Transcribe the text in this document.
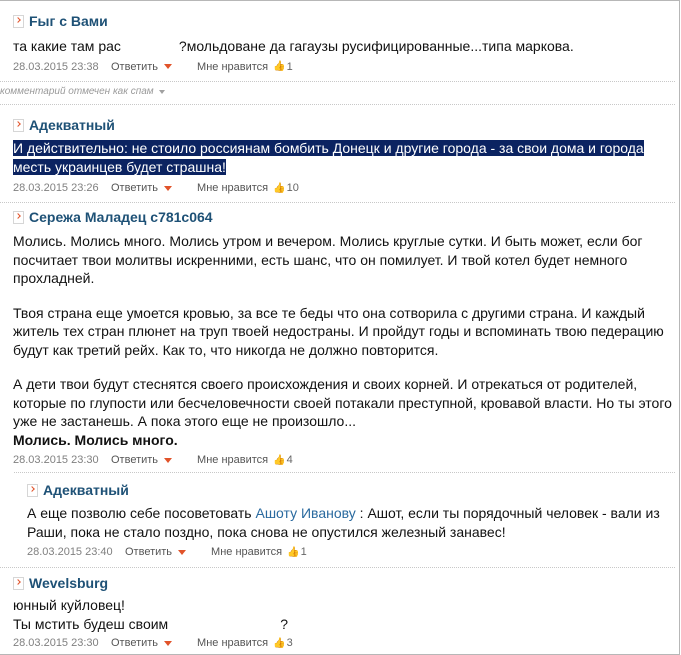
Fыг с Вами
та какие там рас	?мольдоване да гагаузы русифицированные...типа маркова.
28.03.2015 23:38	Ответить	Мне нравится 👍 1
комментарий отмечен как спам
Адекватный
И действительно: не стоило россиянам бомбить Донецк и другие города - за свои дома и города
месть украинцев будет страшна!
28.03.2015 23:26	Ответить	Мне нравится 👍 10
Сережа Маладец c781c064

Молись. Молись много. Молись утром и вечером. Молись круглые сутки. И быть может, если бог посчитает твои молитвы искренними, есть шанс, что он помилует. И твой котел будет немного прохладней.

Твоя страна еще умоется кровью, за все те беды что она сотворила с другими страна. И каждый житель тех стран плюнет на труп твоей недостраны. И пройдут годы и вспоминать твою педерацию будут как третий рейх. Как то, что никогда не должно повторится.

А дети твои будут стеснятся своего происхождения и своих корней. И отрекаться от родителей, которые по глупости или бесчеловечности своей потакали преступной, кровавой власти. Но ты этого уже не застанешь. А пока этого еще не произошло...

Молись. Молись много.

28.03.2015 23:30	Ответить	Мне нравится 👍 4
Адекватный
А еще позволю себе посоветовать Ашоту Иванову : Ашот, если ты порядочный человек - вали из Раши, пока не стало поздно, пока снова не опустился железный занавес!
28.03.2015 23:40	Ответить	Мне нравится 👍 1
Wevelsburg

юнный куйловец!

Ты мстить будеш своим	?

28.03.2015 23:30	Ответить	Мне нравится 👍 3
